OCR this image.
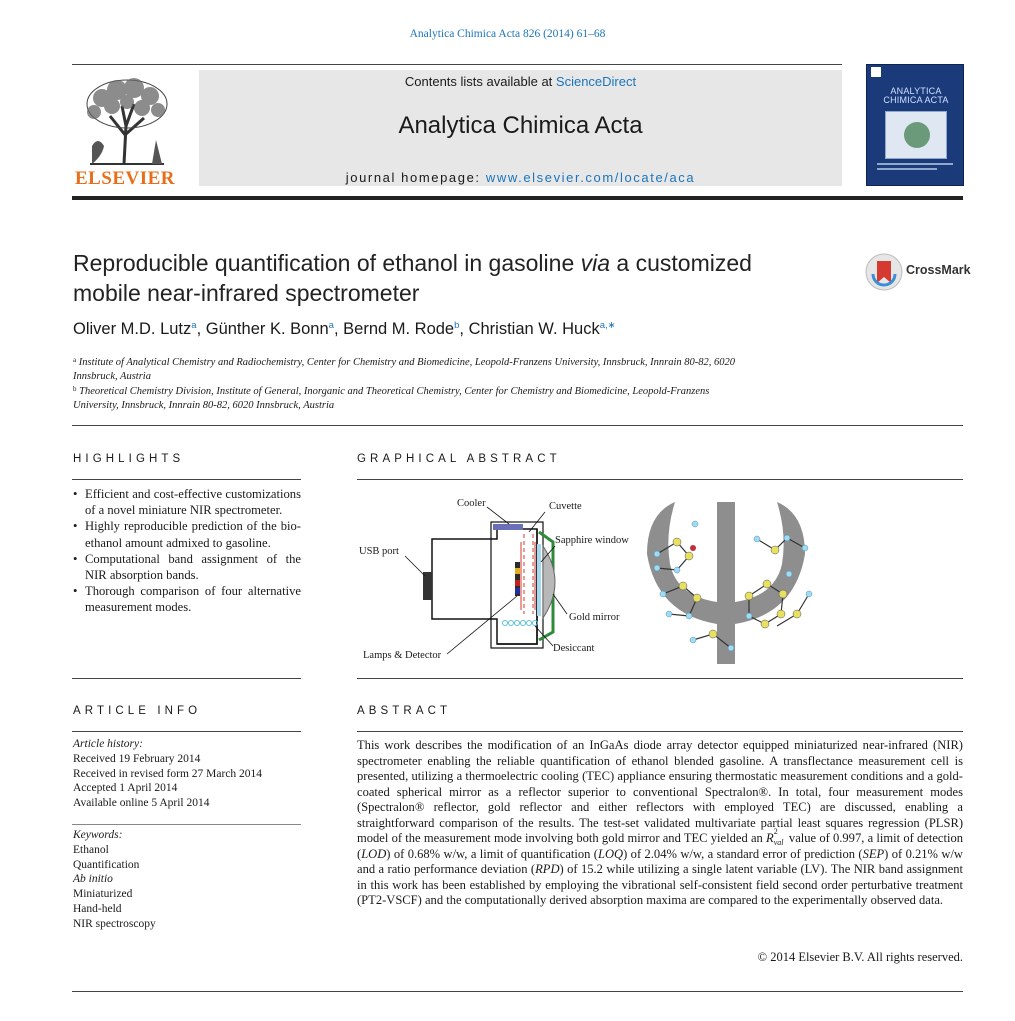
Analytica Chimica Acta 826 (2014) 61–68
Contents lists available at ScienceDirect
Analytica Chimica Acta
journal homepage: www.elsevier.com/locate/aca
ELSEVIER
ANALYTICA
CHIMICA ACTA
Reproducible quantification of ethanol in gasoline via a customized
mobile near-infrared spectrometer
CrossMark
Oliver M.D. Lutz$^a$, Günther K. Bonn$^a$, Bernd M. Rode$^b$, Christian W. Huck$^{a,∗}$
$^a$ Institute of Analytical Chemistry and Radiochemistry, Center for Chemistry and Biomedicine, Leopold-Franzens University, Innsbruck, Innrain 80-82, 6020
Innsbruck, Austria
$^b$ Theoretical Chemistry Division, Institute of General, Inorganic and Theoretical Chemistry, Center for Chemistry and Biomedicine, Leopold-Franzens
University, Innsbruck, Innrain 80-82, 6020 Innsbruck, Austria
HIGHLIGHTS
• Efficient and cost-effective customizations of a novel miniature NIR spectrometer.
• Highly reproducible prediction of the bio-ethanol amount admixed to gasoline.
• Computational band assignment of the NIR absorption bands.
• Thorough comparison of four alternative measurement modes.
GRAPHICAL ABSTRACT
Cooler	Cuvette
USB port
Sapphire window
Gold mirror
Desiccant
Lamps & Detector
ARTICLE INFO
Article history:
Received 19 February 2014
Received in revised form 27 March 2014
Accepted 1 April 2014
Available online 5 April 2014
Keywords:
Ethanol
Quantification
Ab initio
Miniaturized
Hand-held
NIR spectroscopy
ABSTRACT
This work describes the modification of an InGaAs diode array detector equipped miniaturized near-infrared (NIR) spectrometer enabling the reliable quantification of ethanol blended gasoline. A transflectance measurement cell is presented, utilizing a thermoelectric cooling (TEC) appliance ensuring thermostatic measurement conditions and a gold-coated spherical mirror as a reflector superior to conventional Spectralon®. In total, four measurement modes (Spectralon® reflector, gold reflector and either reflectors with employed TEC) are discussed, enabling a straightforward comparison of the results. The test-set validated multivariate partial least squares regression (PLSR) model of the measurement mode involving both gold mirror and TEC yielded an R 2
val value of 0.997, a limit of detection (LOD) of 0.68% w/w, a limit of quantification (LOQ) of 2.04% w/w, a standard error of prediction (SEP) of 0.21% w/w and a ratio performance deviation (RPD) of 15.2 while utilizing a single latent variable (LV). The NIR band assignment in this work has been established by employing the vibrational self-consistent field second order perturbative treatment (PT2-VSCF) and the computationally derived absorption maxima are compared to the experimentally observed data.
© 2014 Elsevier B.V. All rights reserved.
